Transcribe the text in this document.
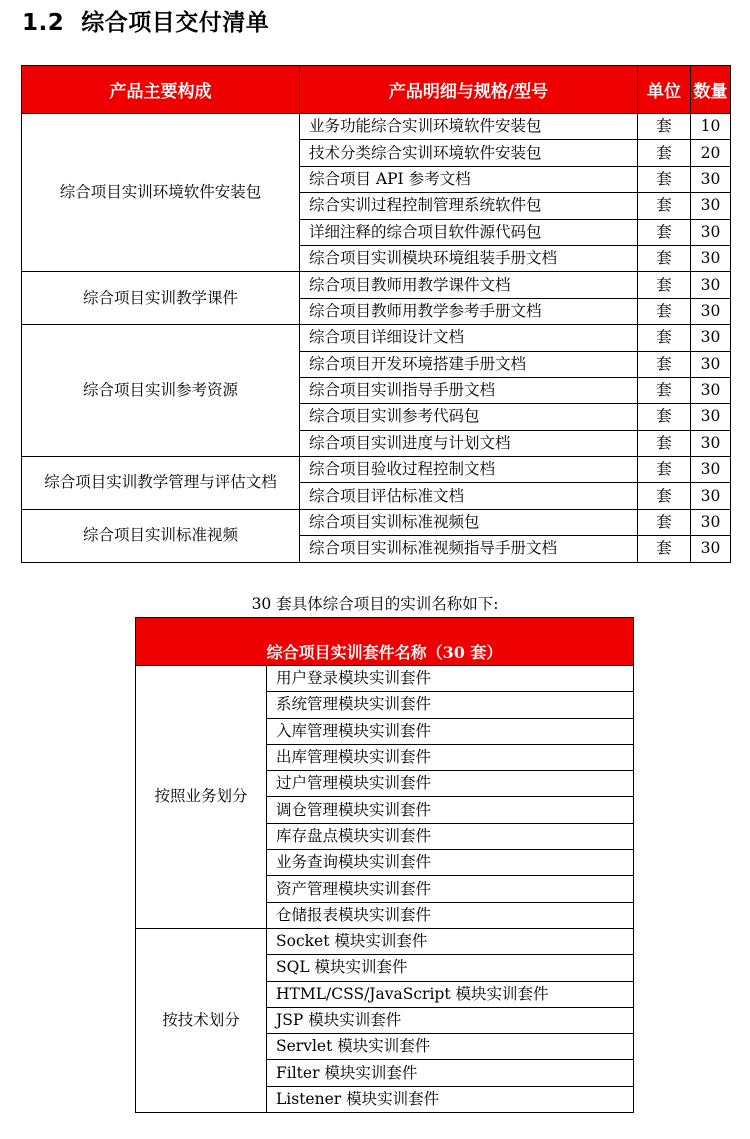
1.2 综合项目交付清单
产品主要构成	产品明细与规格/型号	单位	数量
综合项目实训环境软件安装包	业务功能综合实训环境软件安装包	套	10
	技术分类综合实训环境软件安装包	套	20
	综合项目 API 参考文档	套	30
	综合实训过程控制管理系统软件包	套	30
	详细注释的综合项目软件源代码包	套	30
	综合项目实训模块环境组装手册文档	套	30
综合项目实训教学课件	综合项目教师用教学课件文档	套	30
	综合项目教师用教学参考手册文档	套	30
综合项目实训参考资源	综合项目详细设计文档	套	30
	综合项目开发环境搭建手册文档	套	30
	综合项目实训指导手册文档	套	30
	综合项目实训参考代码包	套	30
	综合项目实训进度与计划文档	套	30
综合项目实训教学管理与评估文档	综合项目验收过程控制文档	套	30
	综合项目评估标准文档	套	30
综合项目实训标准视频	综合项目实训标准视频包	套	30
	综合项目实训标准视频指导手册文档	套	30
30 套具体综合项目的实训名称如下:
综合项目实训套件名称（30 套）	
按照业务划分	用户登录模块实训套件
	系统管理模块实训套件
	入库管理模块实训套件
	出库管理模块实训套件
	过户管理模块实训套件
	调仓管理模块实训套件
	库存盘点模块实训套件
	业务查询模块实训套件
	资产管理模块实训套件
	仓储报表模块实训套件
按技术划分	Socket 模块实训套件
	SQL 模块实训套件
	HTML/CSS/JavaScript 模块实训套件
	JSP 模块实训套件
	Servlet 模块实训套件
	Filter 模块实训套件
	Listener 模块实训套件
